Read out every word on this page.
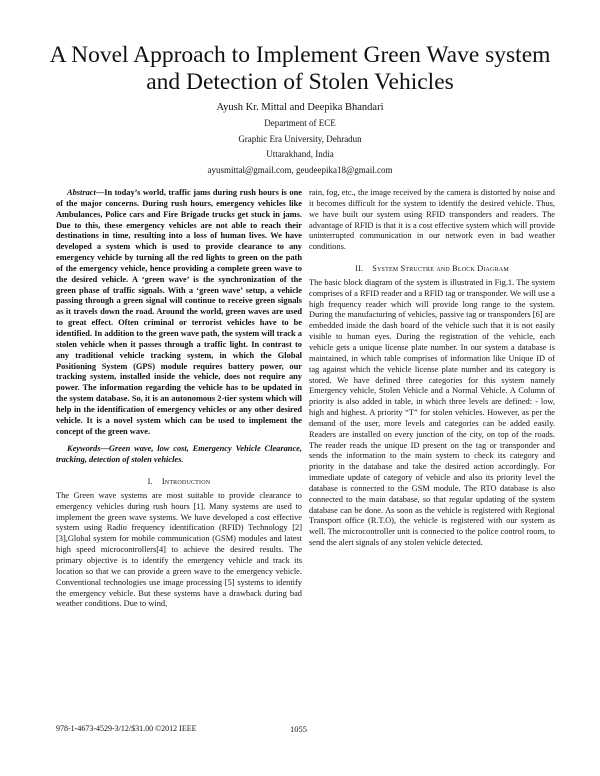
A Novel Approach to Implement Green Wave system and Detection of Stolen Vehicles
Ayush Kr. Mittal and Deepika Bhandari
Department of ECE
Graphic Era University, Dehradun
Uttarakhand, India
ayusmittal@gmail.com, geudeepika18@gmail.com

Abstract—In today’s world, traffic jams during rush hours is one of the major concerns. During rush hours, emergency vehicles like Ambulances, Police cars and Fire Brigade trucks get stuck in jams. Due to this, these emergency vehicles are not able to reach their destinations in time, resulting into a loss of human lives. We have developed a system which is used to provide clearance to any emergency vehicle by turning all the red lights to green on the path of the emergency vehicle, hence providing a complete green wave to the desired vehicle. A ‘green wave’ is the synchronization of the green phase of traffic signals. With a ‘green wave’ setup, a vehicle passing through a green signal will continue to receive green signals as it travels down the road. Around the world, green waves are used to great effect. Often criminal or terrorist vehicles have to be identified. In addition to the green wave path, the system will track a stolen vehicle when it passes through a traffic light. In contrast to any traditional vehicle tracking system, in which the Global Positioning System (GPS) module requires battery power, our tracking system, installed inside the vehicle, does not require any power. The information regarding the vehicle has to be updated in the system database. So, it is an autonomous 2-tier system which will help in the identification of emergency vehicles or any other desired vehicle. It is a novel system which can be used to implement the concept of the green wave.

Keywords—Green wave, low cost, Emergency Vehicle Clearance, tracking, detection of stolen vehicles.

I. Introduction

The Green wave systems are most suitable to provide clearance to emergency vehicles during rush hours [1]. Many systems are used to implement the green wave systems. We have developed a cost effective system using Radio frequency identification (RFID) Technology [2][3],Global system for mobile communication (GSM) modules and latest high speed microcontrollers[4] to achieve the desired results. The primary objective is to identify the emergency vehicle and track its location so that we can provide a green wave to the emergency vehicle. Conventional technologies use image processing [5] systems to identify the emergency vehicle. But these systems have a drawback during bad weather conditions. Due to wind,

rain, fog, etc., the image received by the camera is distorted by noise and it becomes difficult for the system to identify the desired vehicle. Thus, we have built our system using RFID transponders and readers. The advantage of RFID is that it is a cost effective system which will provide uninterrupted communication in our network even in bad weather conditions.

II. System Structre and Block Diagram

The basic block diagram of the system is illustrated in Fig.1. The system comprises of a RFID reader and a RFID tag or transponder. We will use a high frequency reader which will provide long range to the system. During the manufacturing of vehicles, passive tag or transponders [6] are embedded inside the dash board of the vehicle such that it is not easily visible to human eyes. During the registration of the vehicle, each vehicle gets a unique license plate number. In our system a database is maintained, in which table comprises of information like Unique ID of tag against which the vehicle license plate number and its category is stored. We have defined three categories for this system namely Emergency vehicle, Stolen Vehicle and a Normal Vehicle. A Column of priority is also added in table, in which three levels are defined: - low, high and highest. A priority “T” for stolen vehicles. However, as per the demand of the user, more levels and categories can be added easily. Readers are installed on every junction of the city, on top of the roads. The reader reads the unique ID present on the tag or transponder and sends the information to the main system to check its category and priority in the database and take the desired action accordingly. For immediate update of category of vehicle and also its priority level the database is connected to the GSM module. The RTO database is also connected to the main database, so that regular updating of the system database can be done. As soon as the vehicle is registered with Regional Transport office (R.T.O), the vehicle is registered with our system as well. The microcontroller unit is connected to the police control room, to send the alert signals of any stolen vehicle detected.

978-1-4673-4529-3/12/$31.00 ©2012 IEEE	1055
